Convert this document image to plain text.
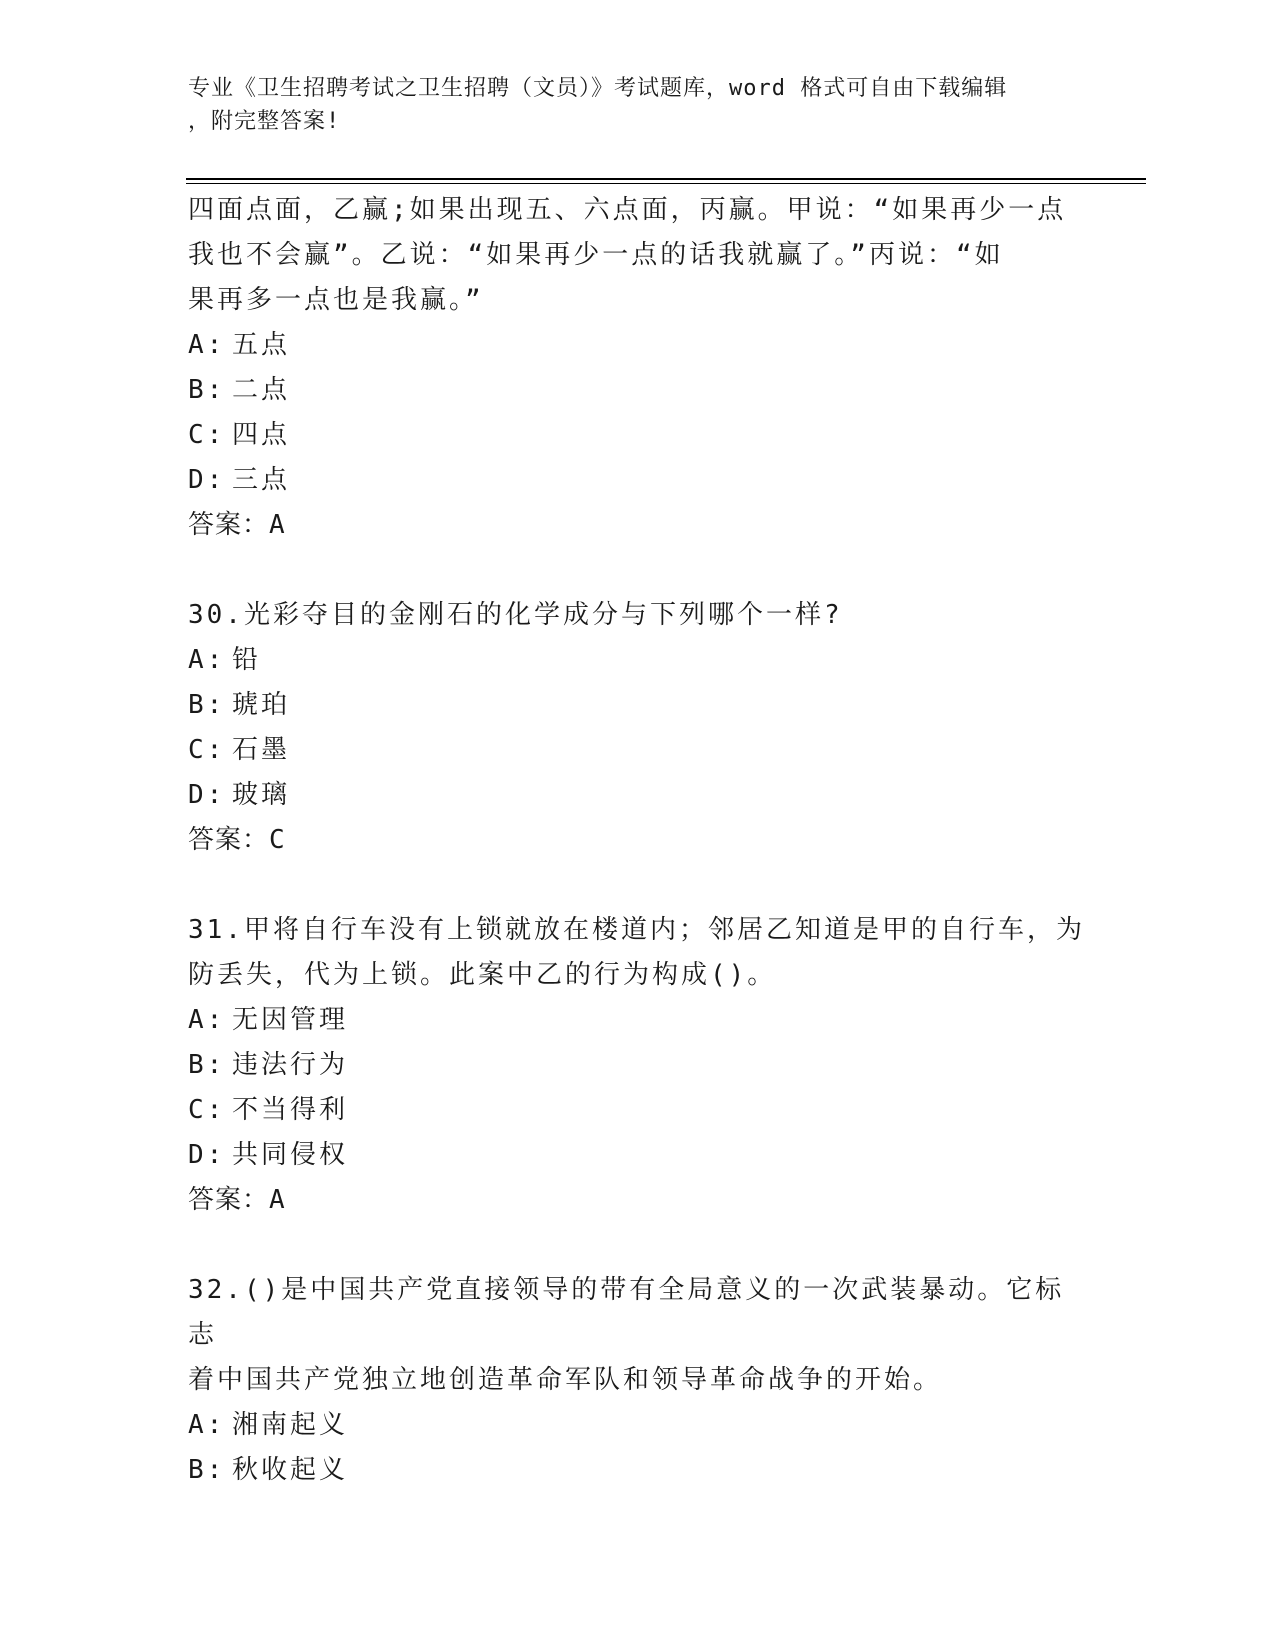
专业《卫生招聘考试之卫生招聘（文员）》考试题库，word 格式可自由下载编辑
，附完整答案!
四面点面，乙赢;如果出现五、六点面，丙赢。甲说：“如果再少一点
我也不会赢”。乙说：“如果再少一点的话我就赢了。”丙说：“如
果再多一点也是我赢。”
A: 五点
B: 二点
C: 四点
D: 三点
答案：A
30.光彩夺目的金刚石的化学成分与下列哪个一样?
A: 铅
B: 琥珀
C: 石墨
D: 玻璃
答案：C
31.甲将自行车没有上锁就放在楼道内；邻居乙知道是甲的自行车，为
防丢失，代为上锁。此案中乙的行为构成()。
A: 无因管理
B: 违法行为
C: 不当得利
D: 共同侵权
答案：A
32.()是中国共产党直接领导的带有全局意义的一次武装暴动。它标志
着中国共产党独立地创造革命军队和领导革命战争的开始。
A: 湘南起义
B: 秋收起义
